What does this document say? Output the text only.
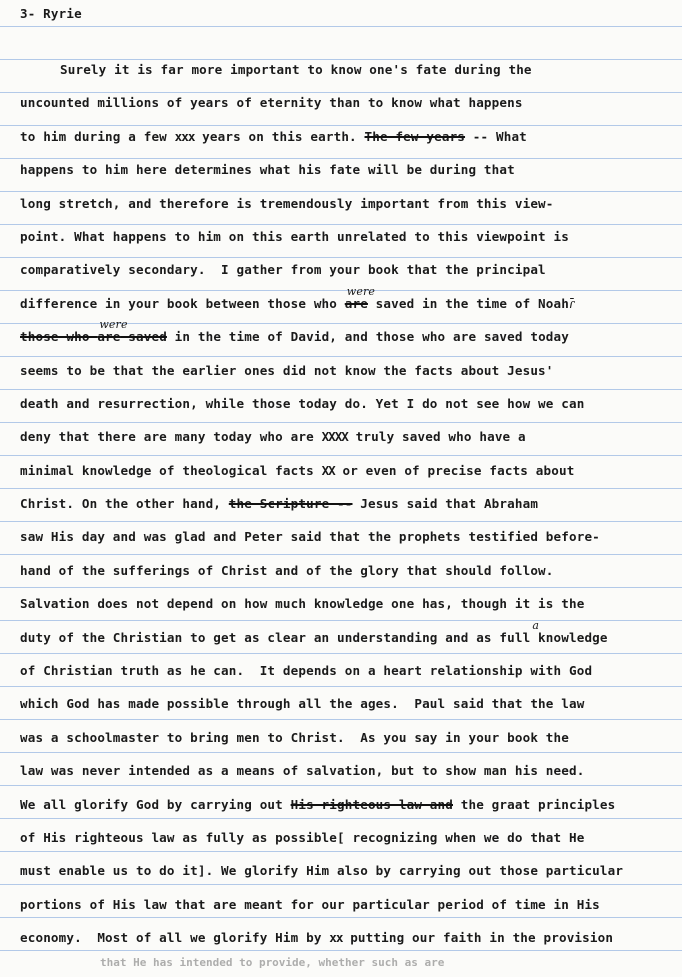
3- Ryrie
Surely it is far more important to know one's fate during the
uncounted millions of years of eternity than to know what happens
to him during a few xxx years on this earth. The few years -- What
happens to him here determines what his fate will be during that
long stretch, and therefore is tremendously important from this view-
point. What happens to him on this earth unrelated to this viewpoint is
comparatively secondary.  I gather from your book that the principal
difference in your book between those who
were
are saved in the time of Noahɾ̄
those who
were
are saved in the time of David, and those who are saved today
seems to be that the earlier ones did not know the facts about Jesus'
death and resurrection, while those today do. Yet I do not see how we can
deny that there are many today who are XXXX truly saved who have a
minimal knowledge of theological facts XX or even of precise facts about
Christ. On the other hand, the Scripture -- Jesus said that Abraham
saw His day and was glad and Peter said that the prophets testified before-
hand of the sufferings of Christ and of the glory that should follow.
Salvation does not depend on how much knowledge one has, though it is the
duty of the Christian to get as clear an understanding and as full
a
knowledge
of Christian truth as he can.  It depends on a heart relationship with God
which God has made possible through all the ages.  Paul said that the law
was a schoolmaster to bring men to Christ.  As you say in your book the
law was never intended as a means of salvation, but to show man his need.
We all glorify God by carrying out His righteous law and the graat principles
of His righteous law as fully as possible[ recognizing when we do that He
must enable us to do it]. We glorify Him also by carrying out those particular
portions of His law that are meant for our particular period of time in His
economy.  Most of all we glorify Him by xx putting our faith in the provision
that He has intended to provide, whether such as are
